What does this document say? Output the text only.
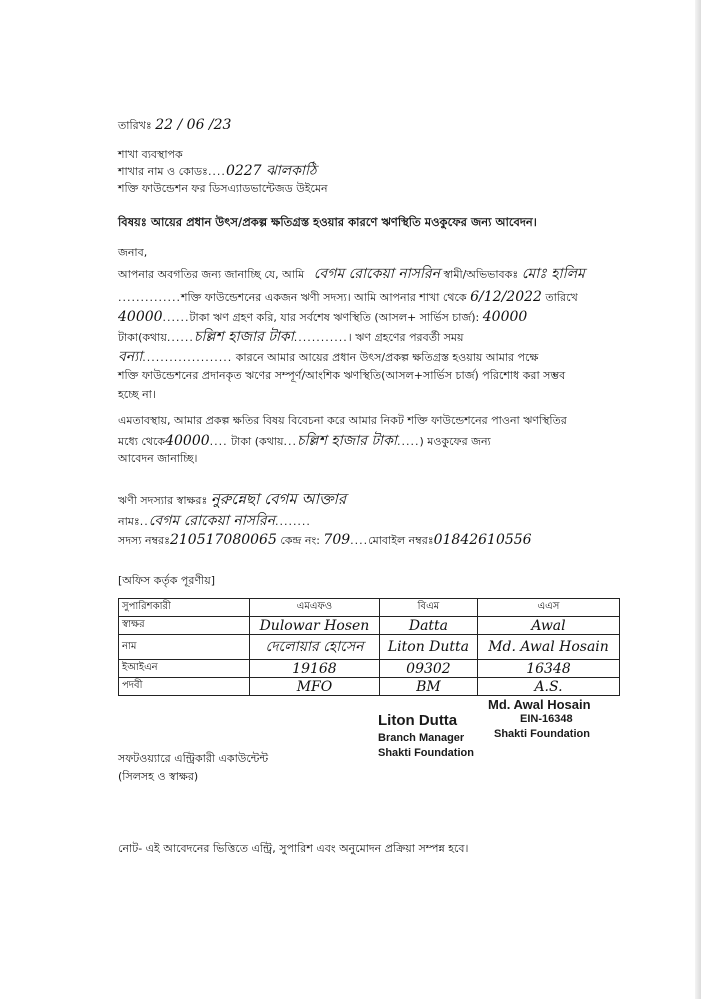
তারিখঃ 22 / 06 /23
শাখা ব্যবস্থাপক
শাখার নাম ও কোডঃ....0227 ঝালকাঠি
শক্তি ফাউন্ডেশন ফর ডিসএ্যাডভান্টেজড উইমেন
বিষয়ঃ আয়ের প্রধান উৎস/প্রকল্প ক্ষতিগ্রস্ত হওয়ার কারণে ঋণস্থিতি মওকুফের জন্য আবেদন।
জনাব,
আপনার অবগতির জন্য জানাচ্ছি যে, আমি বেগম রোকেয়া নাসরিন স্বামী/অভিভাবকঃ মোঃ হালিম
..............শক্তি ফাউন্ডেশনের একজন ঋণী সদস্য। আমি আপনার শাখা থেকে 6/12/2022 তারিখে
40000......টাকা ঋণ গ্রহণ করি, যার সর্বশেষ ঋণস্থিতি (আসল+ সার্ভিস চার্জ): 40000
টাকা(কথায়......চল্লিশ হাজার টাকা............। ঋণ গ্রহণের পরবর্তী সময়
বন্যা.................... কারনে আমার আয়ের প্রধান উৎস/প্রকল্প ক্ষতিগ্রস্ত হওয়ায় আমার পক্ষে
শক্তি ফাউন্ডেশনের প্রদানকৃত ঋণের সম্পূর্ণ/আংশিক ঋণস্থিতি(আসল+সার্ভিস চার্জ) পরিশোধ করা সম্ভব
হচ্ছে না।
এমতাবস্থায়, আমার প্রকল্প ক্ষতির বিষয় বিবেচনা করে আমার নিকট শক্তি ফাউন্ডেশনের পাওনা ঋণস্থিতির
মধ্যে থেকে40000.... টাকা (কথায়...চল্লিশ হাজার টাকা.....) মওকুফের জন্য
আবেদন জানাচ্ছি।
ঋণী সদস্যার স্বাক্ষরঃ নুরুন্নেছা বেগম আক্তার
নামঃ..বেগম রোকেয়া নাসরিন........
সদস্য নম্বরঃ210517080065 কেন্দ্র নং: 709....মোবাইল নম্বরঃ01842610556
[অফিস কর্তৃক পূরণীয়]
সুপারিশকারী	এমএফও	বিএম	এএস
স্বাক্ষর	Dulowar Hosen	Datta	Awal
নাম	দেলোয়ার হোসেন	Liton Dutta	Md. Awal Hosain
ইআইএন	19168	09302	16348
পদবী	MFO	BM	A.S.
Liton Dutta
Branch Manager
Shakti Foundation
Md. Awal Hosain
EIN-16348
Shakti Foundation
সফটওয়্যারে এন্ট্রিকারী একাউন্টেন্ট
(সিলসহ ও স্বাক্ষর)
নোট- এই আবেদনের ভিত্তিতে এন্ট্রি, সুপারিশ এবং অনুমোদন প্রক্রিয়া সম্পন্ন হবে।
